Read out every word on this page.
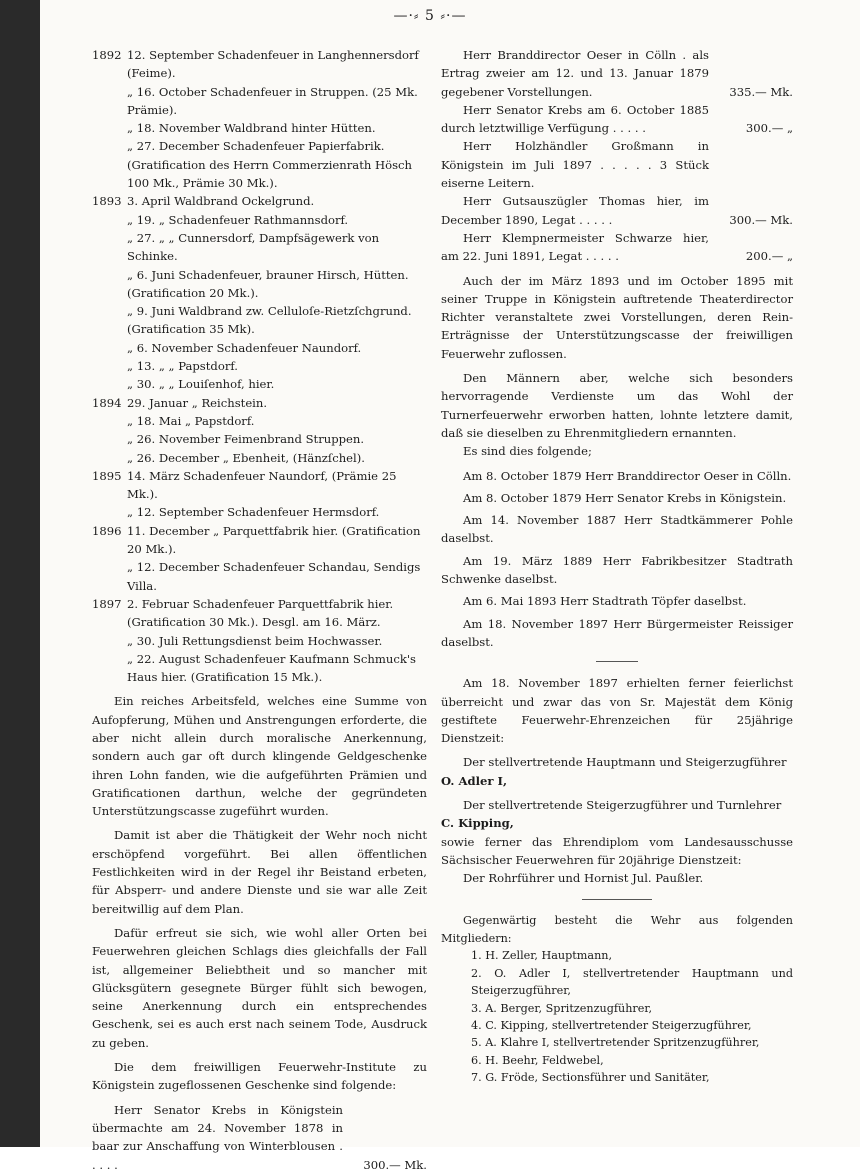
—·⸗ 5 ⸗·—
1892 12. September Schadenfeuer in Langhennersdorf (Feime).
„ 16. October Schadenfeuer in Struppen. (25 Mk. Prämie).
„ 18. November Waldbrand hinter Hütten.
„ 27. December Schadenfeuer Papierfabrik. (Gratification des Herrn Commerzienrath Hösch 100 Mk., Prämie 30 Mk.).
1893 3. April Waldbrand Ockelgrund.
„ 19. „ Schadenfeuer Rathmannsdorf.
„ 27. „ „ Cunnersdorf, Dampfsägewerk von Schinke.
„ 6. Juni Schadenfeuer, brauner Hirsch, Hütten. (Gratification 20 Mk.).
„ 9. Juni Waldbrand zw. Celluloſe-Rietzſchgrund. (Gratification 35 Mk).
„ 6. November Schadenfeuer Naundorf.
„ 13. „ „ Papstdorf.
„ 30. „ „ Louiſenhof, hier.
1894 29. Januar „ Reichstein.
„ 18. Mai „ Papstdorf.
„ 26. November Feimenbrand Struppen.
„ 26. December „ Ebenheit, (Hänzſchel).
1895 14. März Schadenfeuer Naundorf, (Prämie 25 Mk.).
„ 12. September Schadenfeuer Hermsdorf.
1896 11. December „ Parquettfabrik hier. (Gratification 20 Mk.).
„ 12. December Schadenfeuer Schandau, Sendigs Villa.
1897 2. Februar Schadenfeuer Parquettfabrik hier. (Gratification 30 Mk.). Desgl. am 16. März.
„ 30. Juli Rettungsdienst beim Hochwasser.
„ 22. August Schadenfeuer Kaufmann Schmuck's Haus hier. (Gratification 15 Mk.).

Ein reiches Arbeitsfeld, welches eine Summe von Aufopferung, Mühen und Anstrengungen erforderte, die aber nicht allein durch moralische Anerkennung, sondern auch gar oft durch klingende Geldgeschenke ihren Lohn fanden, wie die aufgeführten Prämien und Gratificationen darthun, welche der gegründeten Unterstützungscasse zugeführt wurden.

Damit ist aber die Thätigkeit der Wehr noch nicht erschöpfend vorgeführt. Bei allen öffentlichen Festlichkeiten wird in der Regel ihr Beistand erbeten, für Absperr- und andere Dienste und sie war alle Zeit bereitwillig auf dem Plan.

Dafür erfreut sie sich, wie wohl aller Orten bei Feuerwehren gleichen Schlags dies gleichfalls der Fall ist, allgemeiner Beliebtheit und so mancher mit Glücksgütern gesegnete Bürger fühlt sich bewogen, seine Anerkennung durch ein entsprechendes Geschenk, sei es auch erst nach seinem Tode, Ausdruck zu geben.

Die dem freiwilligen Feuerwehr-Institute zu Königstein zugeflossenen Geschenke sind folgende:

Herr Senator Krebs in Königstein übermachte am 24. November 1878 in baar zur Anschaffung von Winterblousen . . . . .	300.— Mk.

Herr Branddirector Oeser in Cölln . als Ertrag zweier am 12. und 13. Januar 1879 gegebener Vorstellungen.	335.— Mk.

Herr Senator Krebs am 6. October 1885 durch letztwillige Verfügung . . . . .	300.— „

Herr Holzhändler Großmann in Königstein im Juli 1897 . . . . . 3 Stück eiserne Leitern.

Herr Gutsauszügler Thomas hier, im December 1890, Legat . . . . .	300.— Mk.

Herr Klempnermeister Schwarze hier, am 22. Juni 1891, Legat . . . . .	200.— „

Auch der im März 1893 und im October 1895 mit seiner Truppe in Königstein auftretende Theaterdirector Richter veranstaltete zwei Vorstellungen, deren Rein-Erträgnisse der Unterstützungscasse der freiwilligen Feuerwehr zuflossen.

Den Männern aber, welche sich besonders hervorragende Verdienste um das Wohl der Turnerfeuerwehr erworben hatten, lohnte letztere damit, daß sie dieselben zu Ehrenmitgliedern ernannten.

Es sind dies folgende;

Am 8. October 1879 Herr Branddirector Oeser in Cölln.

Am 8. October 1879 Herr Senator Krebs in Königstein.

Am 14. November 1887 Herr Stadtkämmerer Pohle daselbst.

Am 19. März 1889 Herr Fabrikbesitzer Stadtrath Schwenke daselbst.

Am 6. Mai 1893 Herr Stadtrath Töpfer daselbst.

Am 18. November 1897 Herr Bürgermeister Reissiger daselbst.

Am 18. November 1897 erhielten ferner feierlichst überreicht und zwar das von Sr. Majestät dem König gestiftete Feuerwehr-Ehrenzeichen für 25jährige Dienstzeit:

Der stellvertretende Hauptmann und Steigerzugführer

O. Adler I,

Der stellvertretende Steigerzugführer und Turnlehrer

C. Kipping,

sowie ferner das Ehrendiplom vom Landesausschusse Sächsischer Feuerwehren für 20jährige Dienstzeit:

Der Rohrführer und Hornist Jul. Paußler.

Gegenwärtig besteht die Wehr aus folgenden Mitgliedern:

1. H. Zeller, Hauptmann,

2. O. Adler I, stellvertretender Hauptmann und Steigerzugführer,

3. A. Berger, Spritzenzugführer,

4. C. Kipping, stellvertretender Steigerzugführer,

5. A. Klahre I, stellvertretender Spritzenzugführer,

6. H. Beehr, Feldwebel,

7. G. Fröde, Sectionsführer und Sanitäter,
